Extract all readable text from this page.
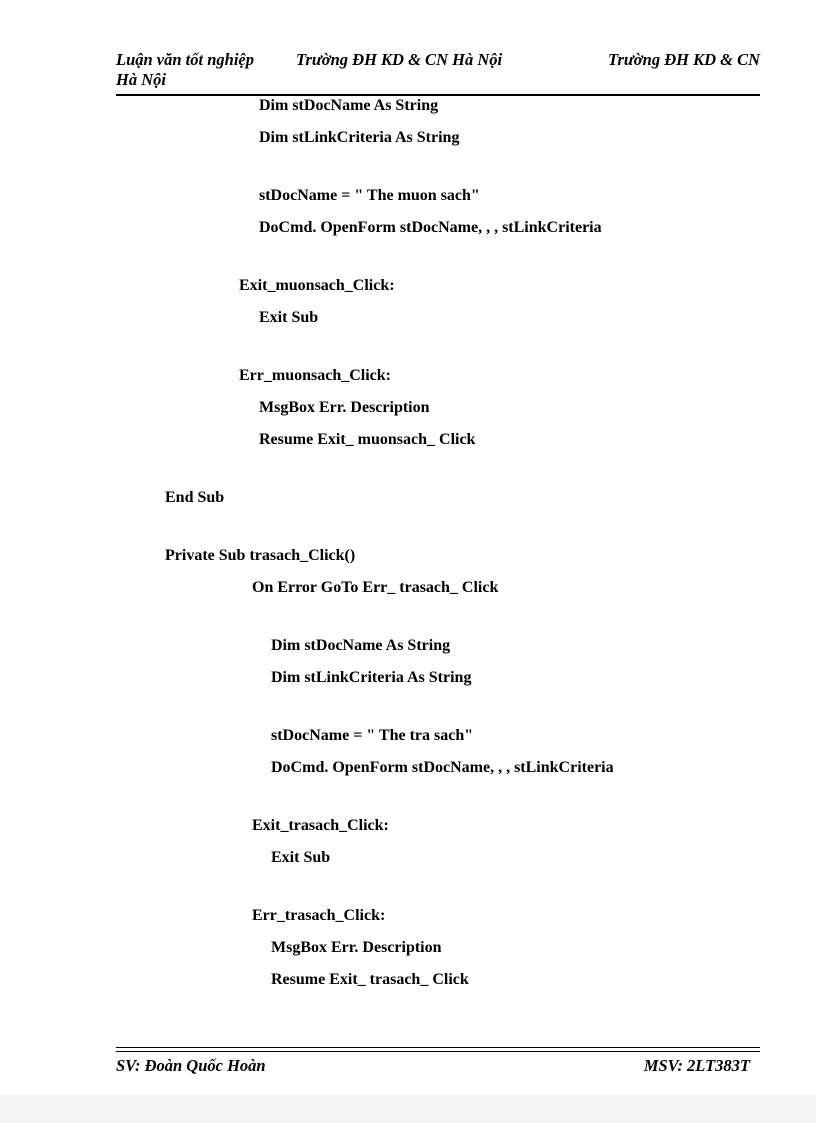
Luận văn tốt nghiệp	Trường ĐH KD & CN Hà Nội	Trường ĐH KD & CN
Hà Nội
Dim stDocName As String
Dim stLinkCriteria As String
stDocName = " The muon sach"
DoCmd. OpenForm stDocName, , , stLinkCriteria
Exit_muonsach_Click:
Exit Sub
Err_muonsach_Click:
MsgBox Err. Description
Resume Exit_ muonsach_ Click
End Sub
Private Sub trasach_Click()
On Error GoTo Err_ trasach_ Click
Dim stDocName As String
Dim stLinkCriteria As String
stDocName = " The tra sach"
DoCmd. OpenForm stDocName, , , stLinkCriteria
Exit_trasach_Click:
Exit Sub
Err_trasach_Click:
MsgBox Err. Description
Resume Exit_ trasach_ Click
SV: Đoàn Quốc Hoàn	MSV: 2LT383T
